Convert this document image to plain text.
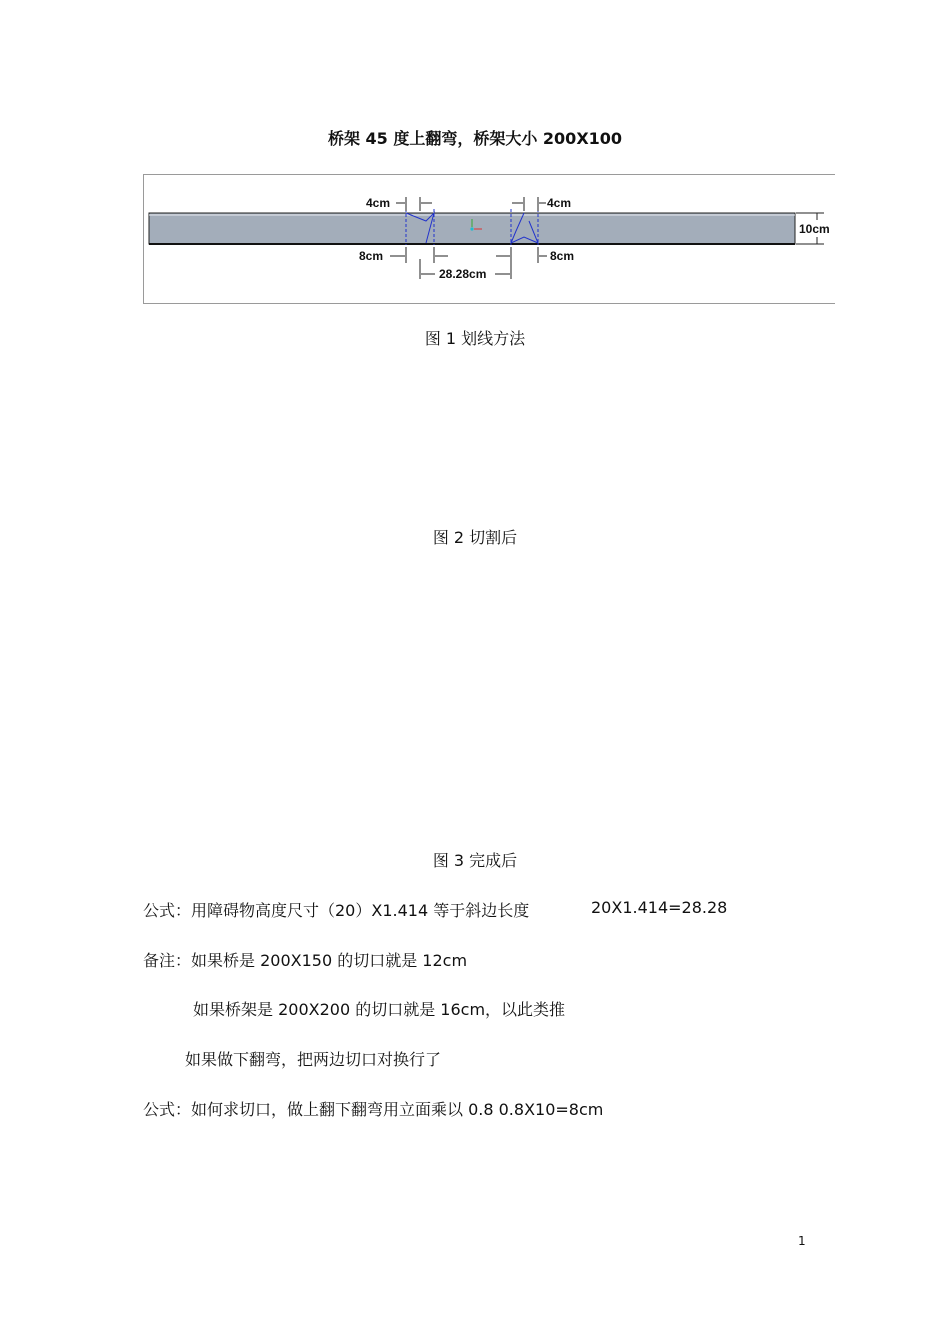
桥架 45 度上翻弯，桥架大小 200X100
4cm	4cm
8cm	8cm
28.28cm
10cm
图 1 划线方法
图 2 切割后
图 3 完成后
公式：用障碍物高度尺寸（20）X1.414 等于斜边长度	20X1.414=28.28
备注：如果桥是 200X150 的切口就是 12cm
如果桥架是 200X200 的切口就是 16cm，以此类推
如果做下翻弯，把两边切口对换行了
公式：如何求切口，做上翻下翻弯用立面乘以 0.8 0.8X10=8cm
1
